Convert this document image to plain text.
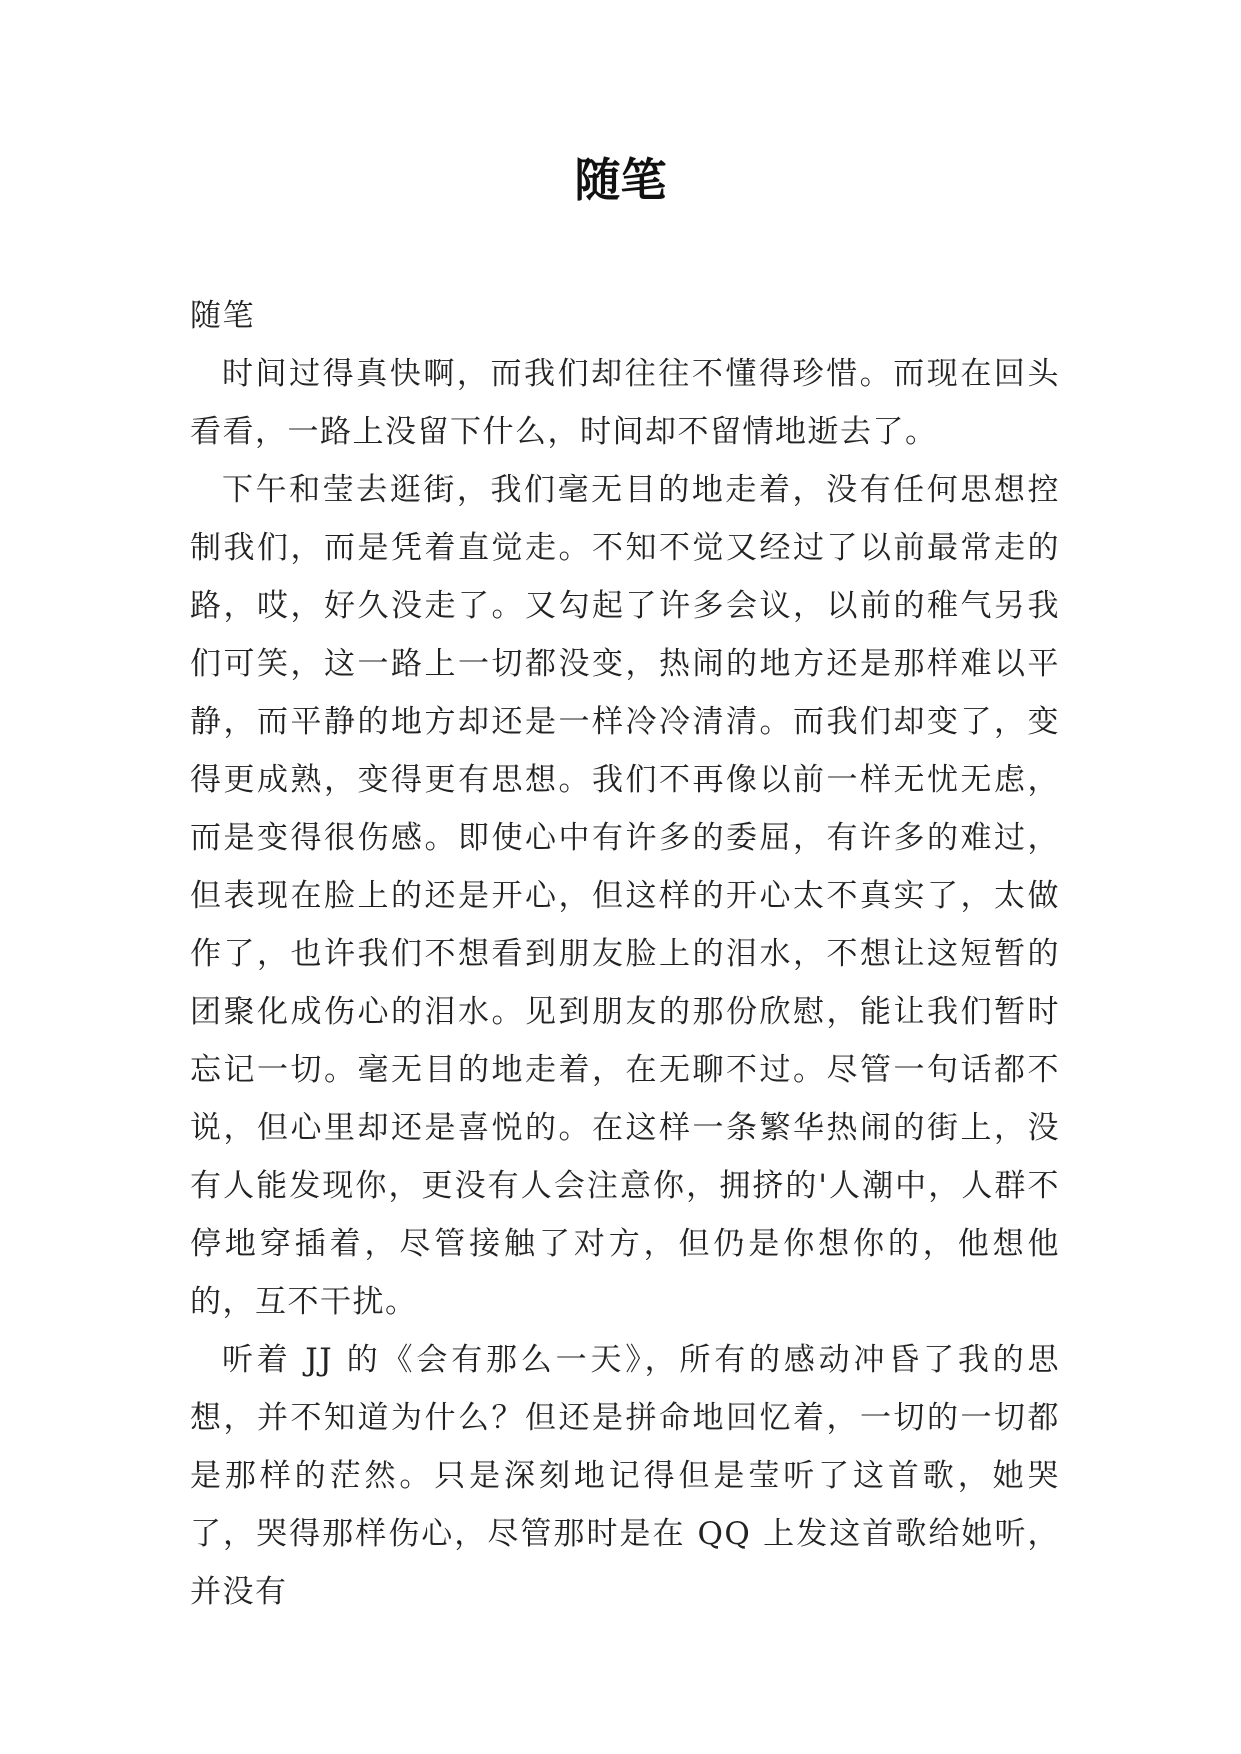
随笔

随笔

时间过得真快啊，而我们却往往不懂得珍惜。而现在回头看看，一路上没留下什么，时间却不留情地逝去了。

下午和莹去逛街，我们毫无目的地走着，没有任何思想控制我们，而是凭着直觉走。不知不觉又经过了以前最常走的路，哎，好久没走了。又勾起了许多会议，以前的稚气另我们可笑，这一路上一切都没变，热闹的地方还是那样难以平静，而平静的地方却还是一样冷冷清清。而我们却变了，变得更成熟，变得更有思想。我们不再像以前一样无忧无虑，而是变得很伤感。即使心中有许多的委屈，有许多的难过，但表现在脸上的还是开心，但这样的开心太不真实了，太做作了，也许我们不想看到朋友脸上的泪水，不想让这短暂的团聚化成伤心的泪水。见到朋友的那份欣慰，能让我们暂时忘记一切。毫无目的地走着，在无聊不过。尽管一句话都不说，但心里却还是喜悦的。在这样一条繁华热闹的街上，没有人能发现你，更没有人会注意你，拥挤的'人潮中，人群不停地穿插着，尽管接触了对方，但仍是你想你的，他想他的，互不干扰。

听着 JJ 的《会有那么一天》，所有的感动冲昏了我的思想，并不知道为什么？但还是拼命地回忆着，一切的一切都是那样的茫然。只是深刻地记得但是莹听了这首歌，她哭了，哭得那样伤心，尽管那时是在 QQ 上发这首歌给她听，并没有
